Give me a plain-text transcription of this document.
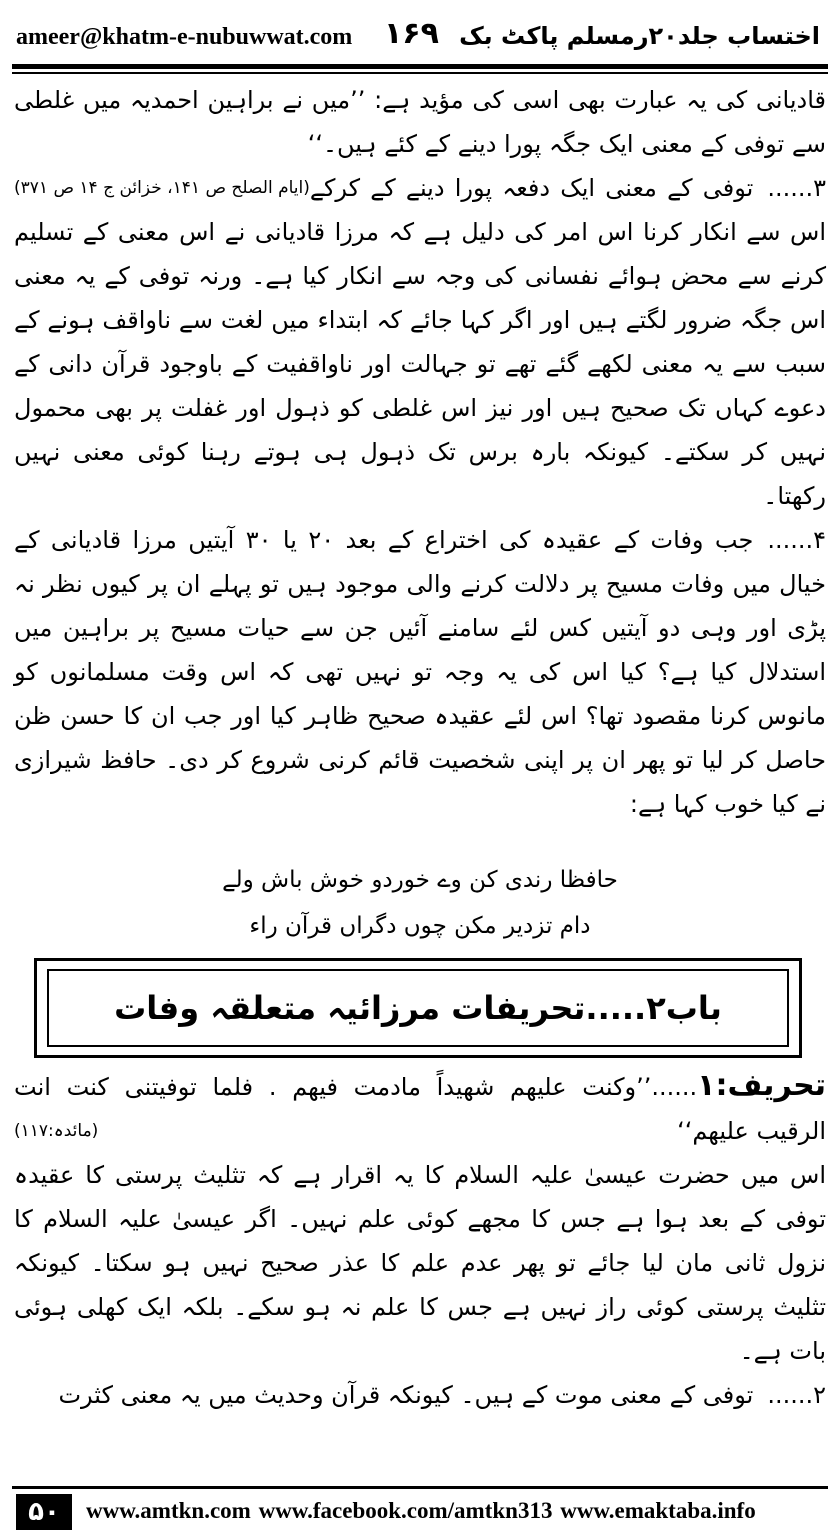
ameer@khatm-e-nubuwwat.com ۱۶۹ اختساب جلد۲۰رمسلم پاکٹ بک

قادیانی کی یہ عبارت بھی اسی کی مؤید ہے: ’’میں نے براہین احمدیہ میں غلطی سے توفی کے معنی ایک جگہ پورا دینے کے کئے ہیں۔‘‘
(ایام الصلح ص ۱۴۱، خزائن ج ۱۴ ص ۳۷۱)	۳......توفی کے معنی ایک دفعہ پورا دینے کے کرکے اس سے انکار کرنا اس امر کی دلیل ہے کہ مرزا قادیانی نے اس معنی کے تسلیم کرنے سے محض ہوائے نفسانی کی وجہ سے انکار کیا ہے۔ ورنہ توفی کے یہ معنی اس جگہ ضرور لگتے ہیں اور اگر کہا جائے کہ ابتداء میں لغت سے ناواقف ہونے کے سبب سے یہ معنی لکھے گئے تھے تو جہالت اور ناواقفیت کے باوجود قرآن دانی کے دعوے کہاں تک صحیح ہیں اور نیز اس غلطی کو ذہول اور غفلت پر بھی محمول نہیں کر سکتے۔ کیونکہ بارہ برس تک ذہول ہی ہوتے رہنا کوئی معنی نہیں رکھتا۔

۴......جب وفات کے عقیدہ کی اختراع کے بعد ۲۰ یا ۳۰ آیتیں مرزا قادیانی کے خیال میں وفات مسیح پر دلالت کرنے والی موجود ہیں تو پہلے ان پر کیوں نظر نہ پڑی اور وہی دو آیتیں کس لئے سامنے آئیں جن سے حیات مسیح پر براہین میں استدلال کیا ہے؟ کیا اس کی یہ وجہ تو نہیں تھی کہ اس وقت مسلمانوں کو مانوس کرنا مقصود تھا؟ اس لئے عقیدہ صحیح ظاہر کیا اور جب ان کا حسن ظن حاصل کر لیا تو پھر ان پر اپنی شخصیت قائم کرنی شروع کر دی۔ حافظ شیرازی نے کیا خوب کہا ہے:

حافظا رندی کن وے خوردو خوش باش ولے
دام تزدیر مکن چوں دگراں قرآن راء
باب۲.....تحریفات مرزائیہ متعلقہ وفات

تحریف:۱......’’وکنت علیھم شھیداً مادمت فیھم . فلما توفیتنی كنت انت الرقیب علیھم‘‘
(مائدہ:۱۱۷)

اس میں حضرت عیسیٰ علیہ السلام کا یہ اقرار ہے کہ تثلیث پرستی کا عقیدہ توفی کے بعد ہوا ہے جس کا مجھے کوئی علم نہیں۔ اگر عیسیٰ علیہ السلام کا نزول ثانی مان لیا جائے تو پھر عدم علم کا عذر صحیح نہیں ہو سکتا۔ کیونکہ تثلیث پرستی کوئی راز نہیں ہے جس کا علم نہ ہو سکے۔ بلکہ ایک کھلی ہوئی بات ہے۔

۲......توفی کے معنی موت کے ہیں۔ کیونکہ قرآن وحدیث میں یہ معنی کثرت

۵۰	www.amtkn.com www.facebook.com/amtkn313 www.emaktaba.info
